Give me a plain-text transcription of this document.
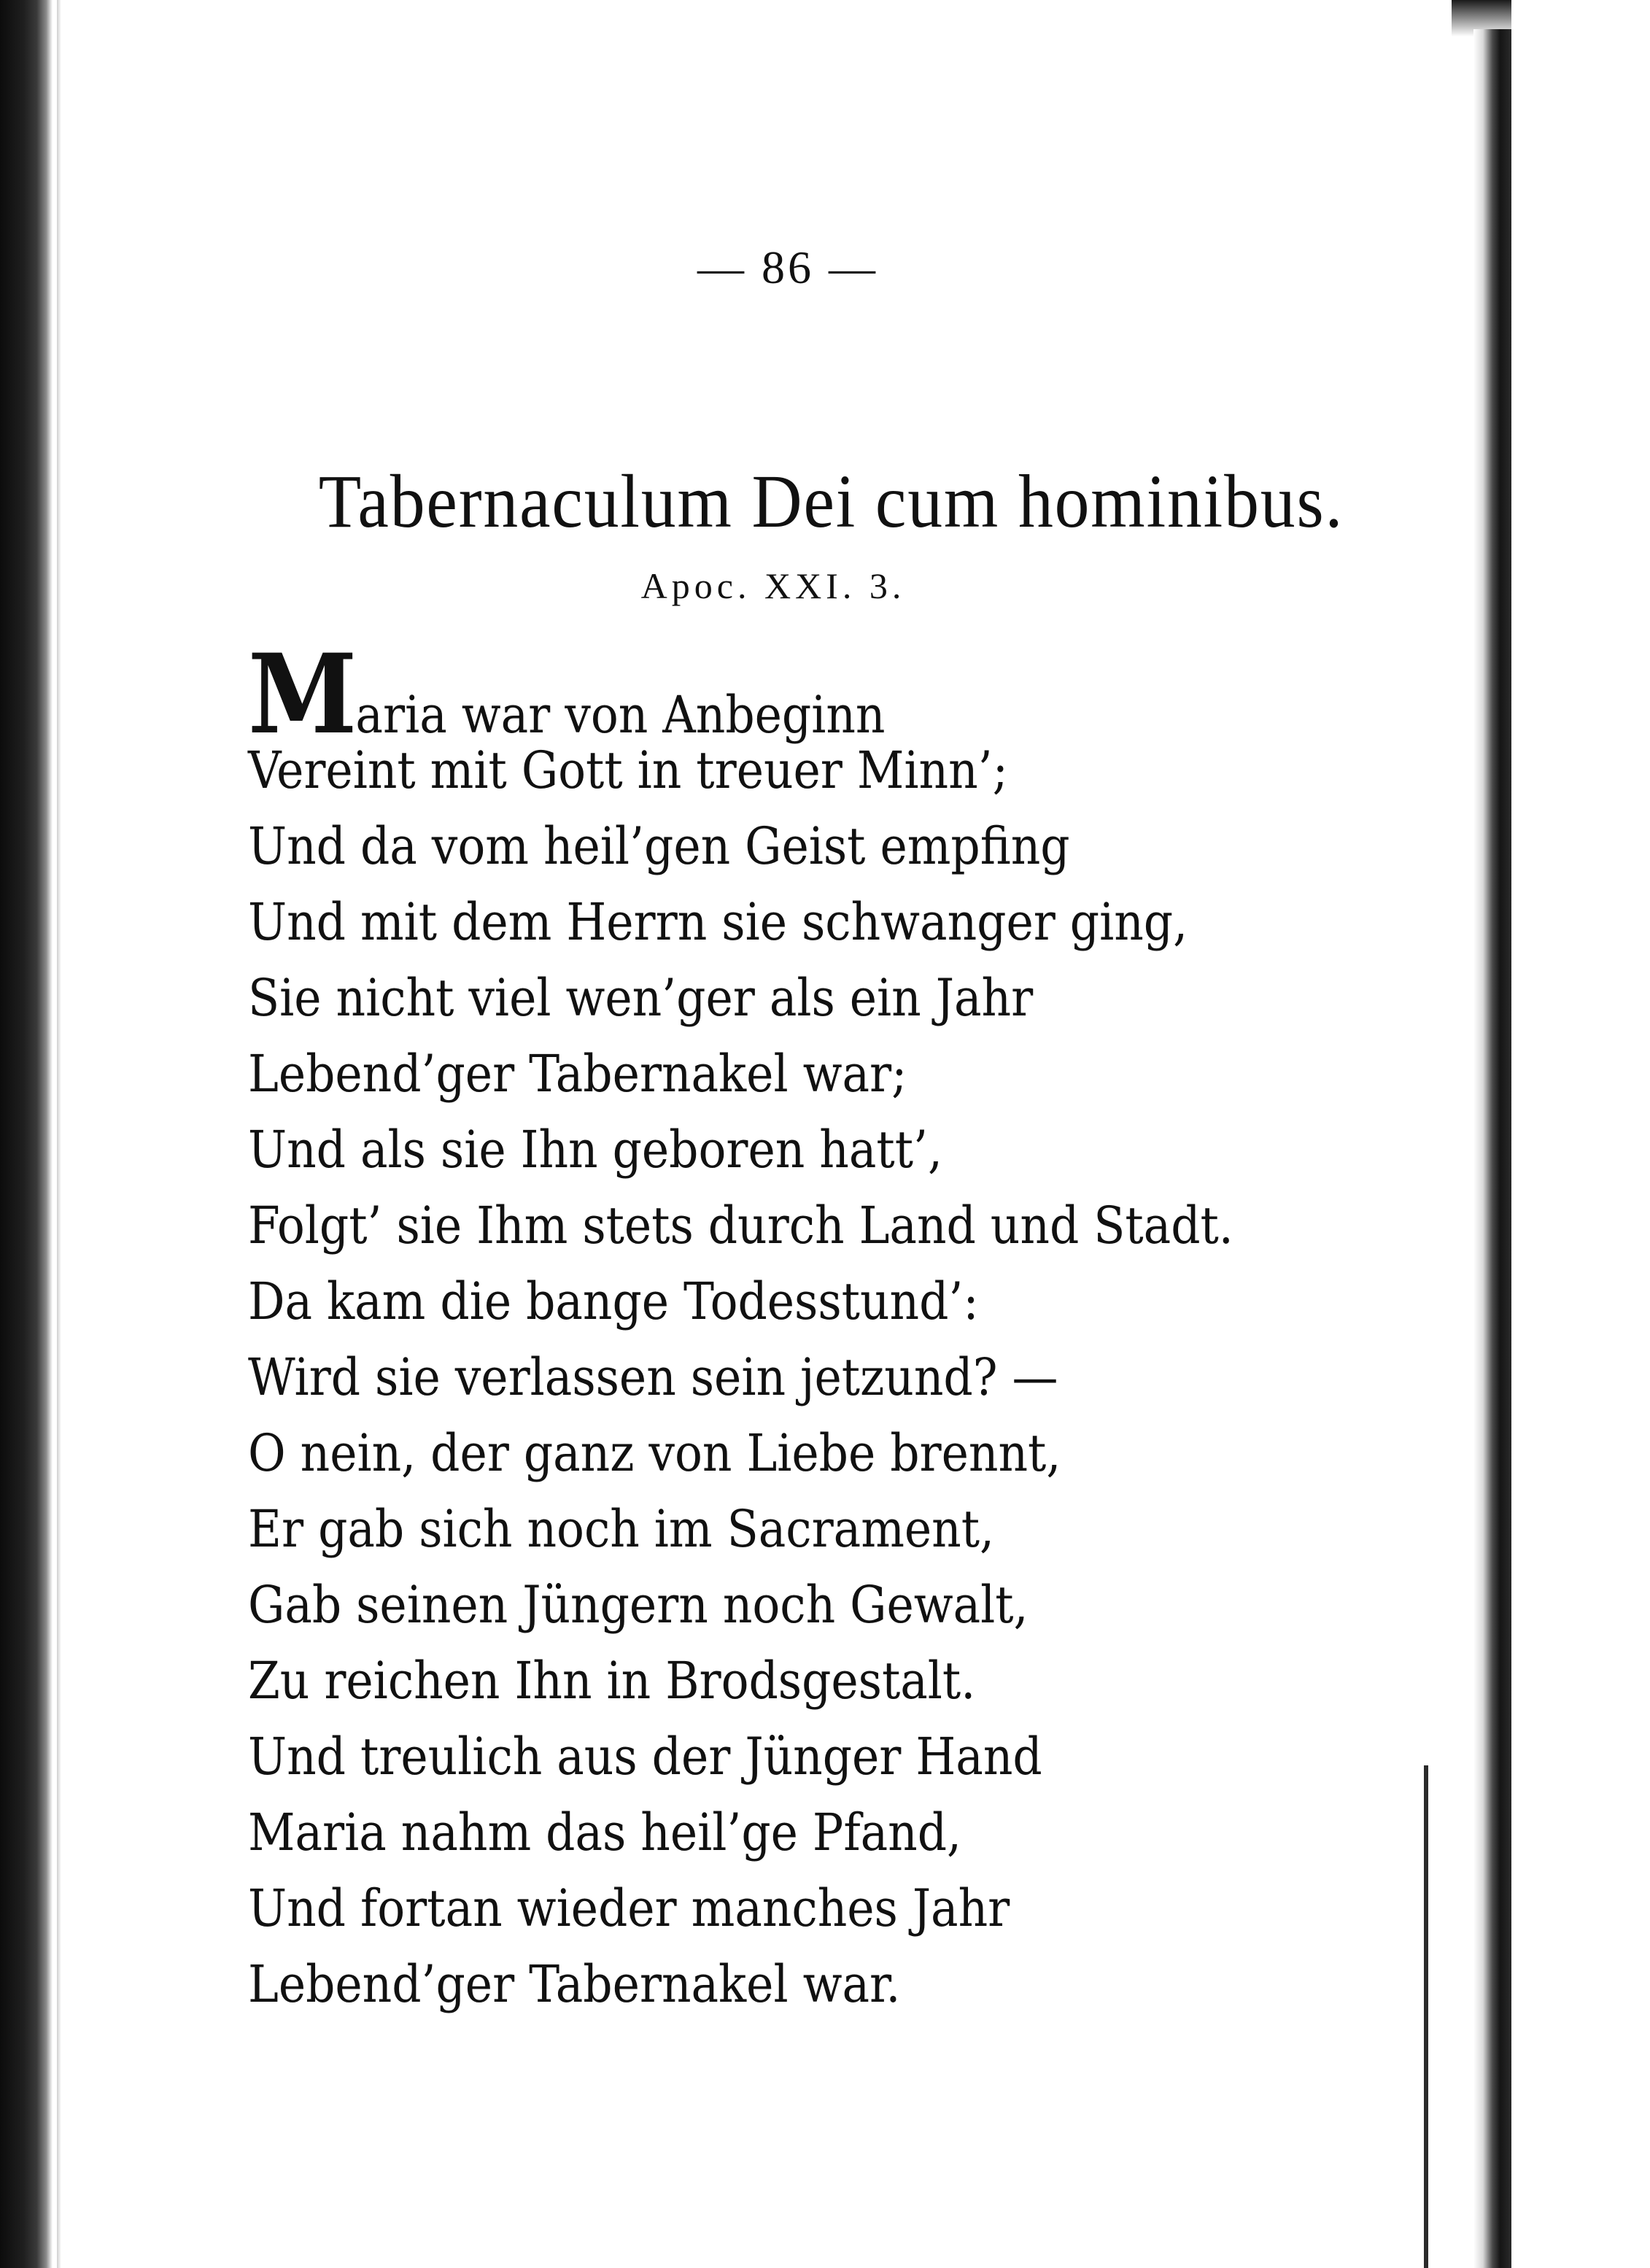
— 86 —
Tabernaculum Dei cum hominibus.
Apoc. XXI. 3.
Maria war von Anbeginn
Vereint mit Gott in treuer Minn’;
Und da vom heil’gen Geist empfing
Und mit dem Herrn sie schwanger ging,
Sie nicht viel wen’ger als ein Jahr
Lebend’ger Tabernakel war;
Und als sie Ihn geboren hatt’,
Folgt’ sie Ihm stets durch Land und Stadt.
Da kam die bange Todesstund’:
Wird sie verlassen sein jetzund? —
O nein, der ganz von Liebe brennt,
Er gab sich noch im Sacrament,
Gab seinen Jüngern noch Gewalt,
Zu reichen Ihn in Brodsgestalt.
Und treulich aus der Jünger Hand
Maria nahm das heil’ge Pfand,
Und fortan wieder manches Jahr
Lebend’ger Tabernakel war.
